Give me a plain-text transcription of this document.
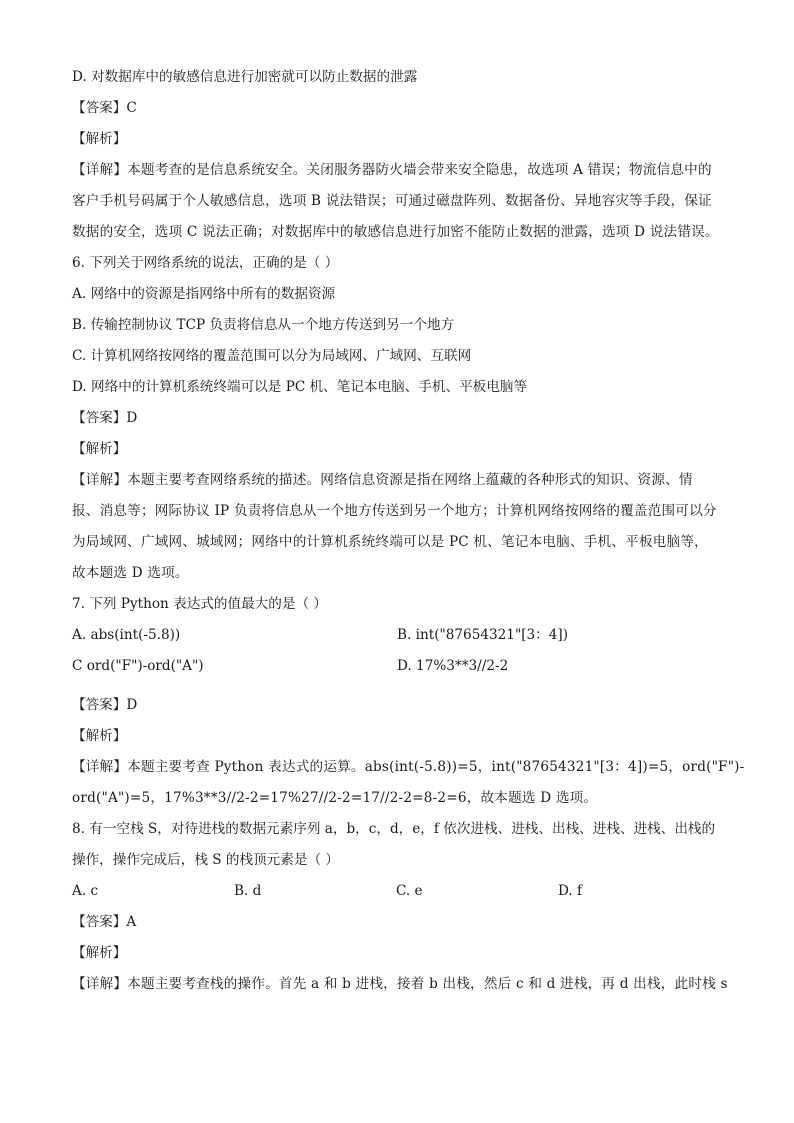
D. 对数据库中的敏感信息进行加密就可以防止数据的泄露
【答案】C
【解析】
【详解】本题考查的是信息系统安全。关闭服务器防火墙会带来安全隐患，故选项 A 错误；物流信息中的
客户手机号码属于个人敏感信息，选项 B 说法错误；可通过磁盘阵列、数据备份、异地容灾等手段，保证
数据的安全，选项 C 说法正确；对数据库中的敏感信息进行加密不能防止数据的泄露，选项 D 说法错误。
6. 下列关于网络系统的说法，正确的是（ ）
A. 网络中的资源是指网络中所有的数据资源
B. 传输控制协议 TCP 负责将信息从一个地方传送到另一个地方
C. 计算机网络按网络的覆盖范围可以分为局域网、广域网、互联网
D. 网络中的计算机系统终端可以是 PC 机、笔记本电脑、手机、平板电脑等
【答案】D
【解析】
【详解】本题主要考查网络系统的描述。网络信息资源是指在网络上蕴藏的各种形式的知识、资源、情
报、消息等；网际协议 IP 负责将信息从一个地方传送到另一个地方；计算机网络按网络的覆盖范围可以分
为局域网、广域网、城域网；网络中的计算机系统终端可以是 PC 机、笔记本电脑、手机、平板电脑等，
故本题选 D 选项。
7. 下列 Python 表达式的值最大的是（ ）
A. abs(int(-5.8))	B. int("87654321"[3：4])
C ord("F")-ord("A")	D. 17%3**3//2-2
【答案】D
【解析】
【详解】本题主要考查 Python 表达式的运算。abs(int(-5.8))=5，int("87654321"[3：4])=5，ord("F")-
ord("A")=5，17%3**3//2-2=17%27//2-2=17//2-2=8-2=6，故本题选 D 选项。
8. 有一空栈 S，对待进栈的数据元素序列 a，b，c，d，e，f 依次进栈、进栈、出栈、进栈、进栈、出栈的
操作，操作完成后，栈 S 的栈顶元素是（ ）
A. c	B. d	C. e	D. f
【答案】A
【解析】
【详解】本题主要考查栈的操作。首先 a 和 b 进栈，接着 b 出栈，然后 c 和 d 进栈，再 d 出栈，此时栈 s
